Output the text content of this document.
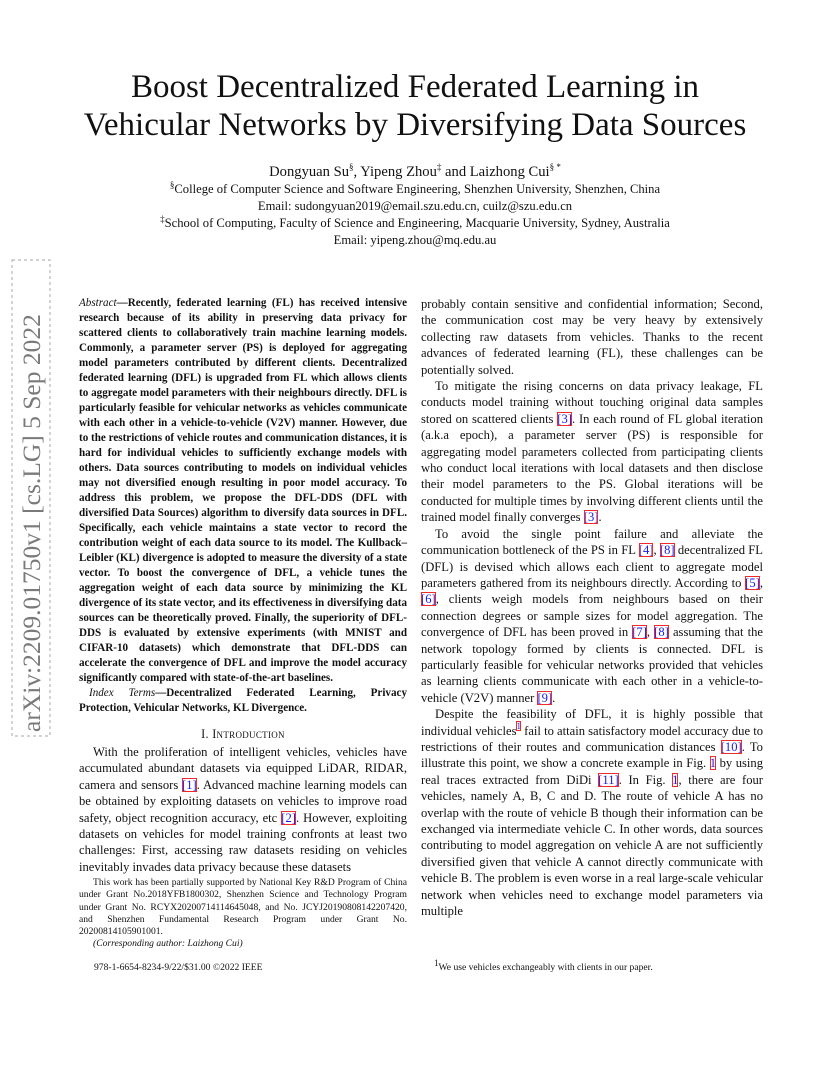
arXiv:2209.01750v1 [cs.LG] 5 Sep 2022
Boost Decentralized Federated Learning in
Vehicular Networks by Diversifying Data Sources
Dongyuan Su§, Yipeng Zhou‡ and Laizhong Cui§ *
§College of Computer Science and Software Engineering, Shenzhen University, Shenzhen, China
Email: sudongyuan2019@email.szu.edu.cn, cuilz@szu.edu.cn
‡School of Computing, Faculty of Science and Engineering, Macquarie University, Sydney, Australia
Email: yipeng.zhou@mq.edu.au

Abstract—Recently, federated learning (FL) has received intensive research because of its ability in preserving data privacy for scattered clients to collaboratively train machine learning models. Commonly, a parameter server (PS) is deployed for aggregating model parameters contributed by different clients. Decentralized federated learning (DFL) is upgraded from FL which allows clients to aggregate model parameters with their neighbours directly. DFL is particularly feasible for vehicular networks as vehicles communicate with each other in a vehicle-to-vehicle (V2V) manner. However, due to the restrictions of vehicle routes and communication distances, it is hard for individual vehicles to sufficiently exchange models with others. Data sources contributing to models on individual vehicles may not diversified enough resulting in poor model accuracy. To address this problem, we propose the DFL-DDS (DFL with diversified Data Sources) algorithm to diversify data sources in DFL. Specifically, each vehicle maintains a state vector to record the contribution weight of each data source to its model. The Kullback–Leibler (KL) divergence is adopted to measure the diversity of a state vector. To boost the convergence of DFL, a vehicle tunes the aggregation weight of each data source by minimizing the KL divergence of its state vector, and its effectiveness in diversifying data sources can be theoretically proved. Finally, the superiority of DFL-DDS is evaluated by extensive experiments (with MNIST and CIFAR-10 datasets) which demonstrate that DFL-DDS can accelerate the convergence of DFL and improve the model accuracy significantly compared with state-of-the-art baselines.

Index Terms—Decentralized Federated Learning, Privacy Protection, Vehicular Networks, KL Divergence.

I. Introduction

With the proliferation of intelligent vehicles, vehicles have accumulated abundant datasets via equipped LiDAR, RIDAR, camera and sensors [1]. Advanced machine learning models can be obtained by exploiting datasets on vehicles to improve road safety, object recognition accuracy, etc [2]. However, exploiting datasets on vehicles for model training confronts at least two challenges: First, accessing raw datasets residing on vehicles inevitably invades data privacy because these datasets

probably contain sensitive and confidential information; Second, the communication cost may be very heavy by extensively collecting raw datasets from vehicles. Thanks to the recent advances of federated learning (FL), these challenges can be potentially solved.

To mitigate the rising concerns on data privacy leakage, FL conducts model training without touching original data samples stored on scattered clients [3]. In each round of FL global iteration (a.k.a epoch), a parameter server (PS) is responsible for aggregating model parameters collected from participating clients who conduct local iterations with local datasets and then disclose their model parameters to the PS. Global iterations will be conducted for multiple times by involving different clients until the trained model finally converges [3].

To avoid the single point failure and alleviate the communication bottleneck of the PS in FL [4], [8] decentralized FL (DFL) is devised which allows each client to aggregate model parameters gathered from its neighbours directly. According to [5], [6], clients weigh models from neighbours based on their connection degrees or sample sizes for model aggregation. The convergence of DFL has been proved in [7], [8] assuming that the network topology formed by clients is connected. DFL is particularly feasible for vehicular networks provided that vehicles as learning clients communicate with each other in a vehicle-to-vehicle (V2V) manner [9].

Despite the feasibility of DFL, it is highly possible that individual vehicles$^1$ fail to attain satisfactory model accuracy due to restrictions of their routes and communication distances [10]. To illustrate this point, we show a concrete example in Fig. 1 by using real traces extracted from DiDi [11]. In Fig. 1, there are four vehicles, namely A, B, C and D. The route of vehicle A has no overlap with the route of vehicle B though their information can be exchanged via intermediate vehicle C. In other words, data sources contributing to model aggregation on vehicle A are not sufficiently diversified given that vehicle A cannot directly communicate with vehicle B. The problem is even worse in a real large-scale vehicular network when vehicles need to exchange model parameters via multiple

This work has been partially supported by National Key R&D Program of China under Grant No.2018YFB1800302, Shenzhen Science and Technology Program under Grant No. RCYX20200714114645048, and No. JCYJ20190808142207420, and Shenzhen Fundamental Research Program under Grant No. 20200814105901001.

(Corresponding author: Laizhong Cui)

978-1-6654-8234-9/22/$31.00 ©2022 IEEE	$^1$We use vehicles exchangeably with clients in our paper.
